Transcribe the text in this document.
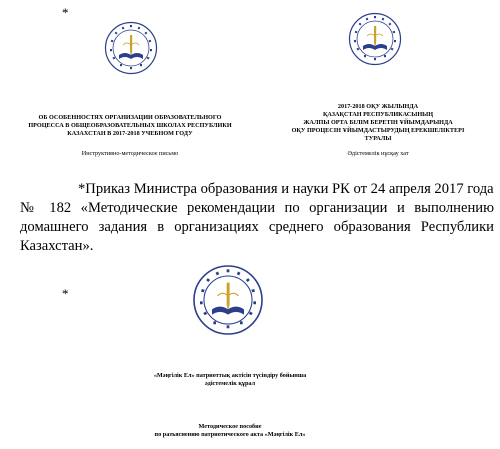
*
*
ОБ ОСОБЕННОСТЯХ ОРГАНИЗАЦИИ ОБРАЗОВАТЕЛЬНОГО
ПРОЦЕССА В ОБЩЕОБРАЗОВАТЕЛЬНЫХ ШКОЛАХ РЕСПУБЛИКИ
КАЗАХСТАН В 2017-2018 УЧЕБНОМ ГОДУ
Инструктивно-методическое письмо
2017-2018 ОҚУ ЖЫЛЫНДА
ҚАЗАҚСТАН РЕСПУБЛИКАСЫНЫҢ
ЖАЛПЫ ОРТА БІЛІМ БЕРЕТІН ҰЙЫМДАРЫНДА
ОҚУ ПРОЦЕСІН ҰЙЫМДАСТЫРУДЫҢ ЕРЕКШЕЛІКТЕРІ
ТУРАЛЫ
Әдістемелік нұсқау хат
*Приказ Министра образования и науки РК от 24 апреля 2017 года
№ 182 «Методические рекомендации по организации и выполнению
домашнего задания в организациях среднего образования Республики
Казахстан».
«Мәңгілік Ел» патриоттық актісін түсіндіру бойынша
әдістемелік құрал
Методическое пособие
по разъяснению патриотического акта «Мәңгілік Ел»
